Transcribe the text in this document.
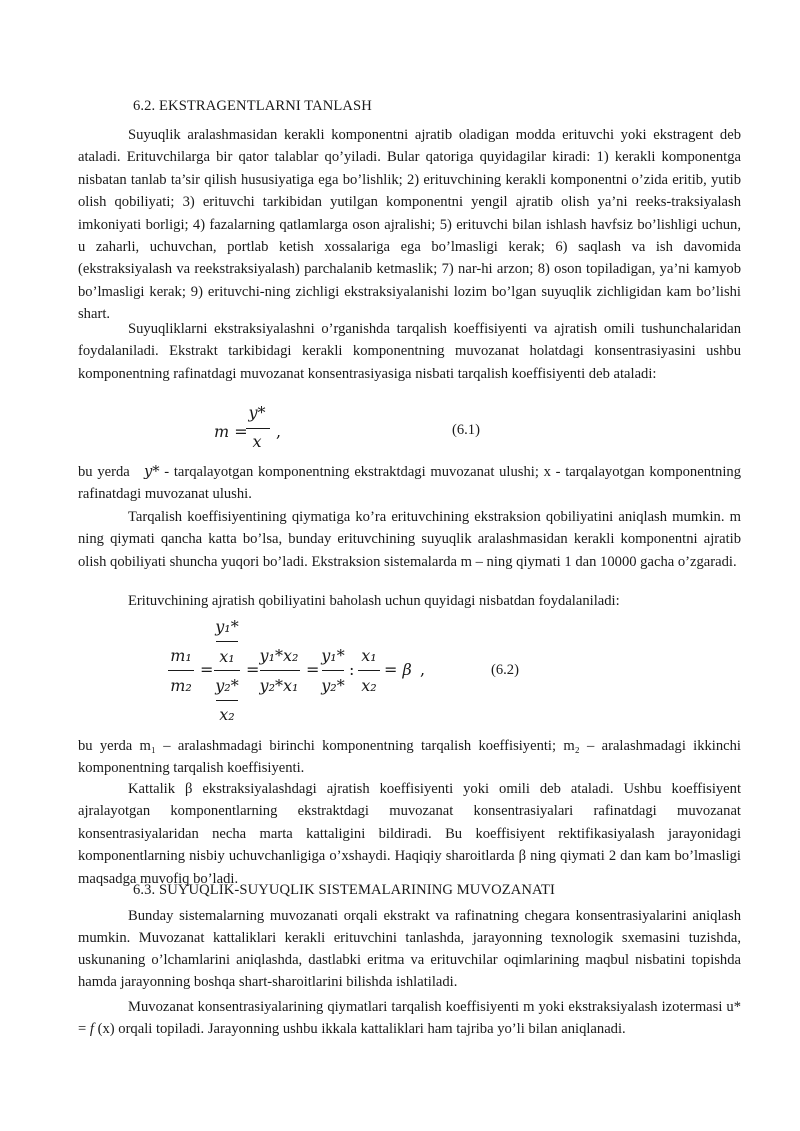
6.2. EKSTRAGENTLARNI TANLASH

Suyuqlik aralashmasidan kerakli komponentni ajratib oladigan modda erituvchi yoki ekstragent deb ataladi. Erituvchilarga bir qator talablar qo’yiladi. Bular qatoriga quyidagilar kiradi: 1) kerakli komponentga nisbatan tanlab ta’sir qilish hususiyatiga ega bo’lishlik; 2) erituvchining kerakli komponentni o’zida eritib, yutib olish qobiliyati; 3) erituvchi tarkibidan yutilgan komponentni yengil ajratib olish ya’ni reeks-traksiyalash imkoniyati borligi; 4) fazalarning qatlamlarga oson ajralishi; 5) erituvchi bilan ishlash havfsiz bo’lishligi uchun, u zaharli, uchuvchan, portlab ketish xossalariga ega bo’lmasligi kerak; 6) saqlash va ish davomida (ekstraksiyalash va reekstraksiyalash) parchalanib ketmaslik; 7) nar-hi arzon; 8) oson topiladigan, ya’ni kamyob bo’lmasligi kerak; 9) erituvchi-ning zichligi ekstraksiyalanishi lozim bo’lgan suyuqlik zichligidan kam bo’lishi shart.

Suyuqliklarni ekstraksiyalashni o’rganishda tarqalish koeffisiyenti va ajratish omili tushunchalaridan foydalaniladi. Ekstrakt tarkibidagi kerakli komponentning muvozanat holatdagi konsentrasiyasini ushbu komponentning rafinatdagi muvozanat konsentrasiyasiga nisbati tarqalish koeffisiyenti deb ataladi:

m =
y*
x
,	(6.1)
bu yerda y* - tarqalayotgan komponentning ekstraktdagi muvozanat ulushi; x - tarqalayotgan komponentning rafinatdagi muvozanat ulushi.

Tarqalish koeffisiyentining qiymatiga ko’ra erituvchining ekstraksion qobiliyatini aniqlash mumkin. m ning qiymati qancha katta bo’lsa, bunday erituvchining suyuqlik aralashmasidan kerakli komponentni ajratib olish qobiliyati shuncha yuqori bo’ladi. Ekstraksion sistemalarda m – ning qiymati 1 dan 10000 gacha o’zgaradi.

Erituvchining ajratish qobiliyatini baholash uchun quyidagi nisbatdan foydalaniladi:

m₁
m₂
=
y₁*
x₁
y₂*
x₂
=
y₁*x₂
y₂*x₁
=
y₁*
y₂*
:
x₁
x₂
= β ,	(6.2)

bu yerda m₁ – aralashmadagi birinchi komponentning tarqalish koeffisiyenti; m₂ – aralashmadagi ikkinchi komponentning tarqalish koeffisiyenti.

Kattalik β ekstraksiyalashdagi ajratish koeffisiyenti yoki omili deb ataladi. Ushbu koeffisiyent ajralayotgan komponentlarning ekstraktdagi muvozanat konsentrasiyalari rafinatdagi muvozanat konsentrasiyalaridan necha marta kattaligini bildiradi. Bu koeffisiyent rektifikasiyalash jarayonidagi komponentlarning nisbiy uchuvchanligiga o’xshaydi. Haqiqiy sharoitlarda β ning qiymati 2 dan kam bo’lmasligi maqsadga muvofiq bo’ladi.

6.3. SUYUQLIK-SUYUQLIK SISTEMALARINING MUVOZANATI

Bunday sistemalarning muvozanati orqali ekstrakt va rafinatning chegara konsentrasiyalarini aniqlash mumkin. Muvozanat kattaliklari kerakli erituvchini tanlashda, jarayonning texnologik sxemasini tuzishda, uskunaning o’lchamlarini aniqlashda, dastlabki eritma va erituvchilar oqimlarining maqbul nisbatini topishda hamda jarayonning boshqa shart-sharoitlarini bilishda ishlatiladi.

Muvozanat konsentrasiyalarining qiymatlari tarqalish koeffisiyenti m yoki ekstraksiyalash izotermasi u* = f (x) orqali topiladi. Jarayonning ushbu ikkala kattaliklari ham tajriba yo’li bilan aniqlanadi.
